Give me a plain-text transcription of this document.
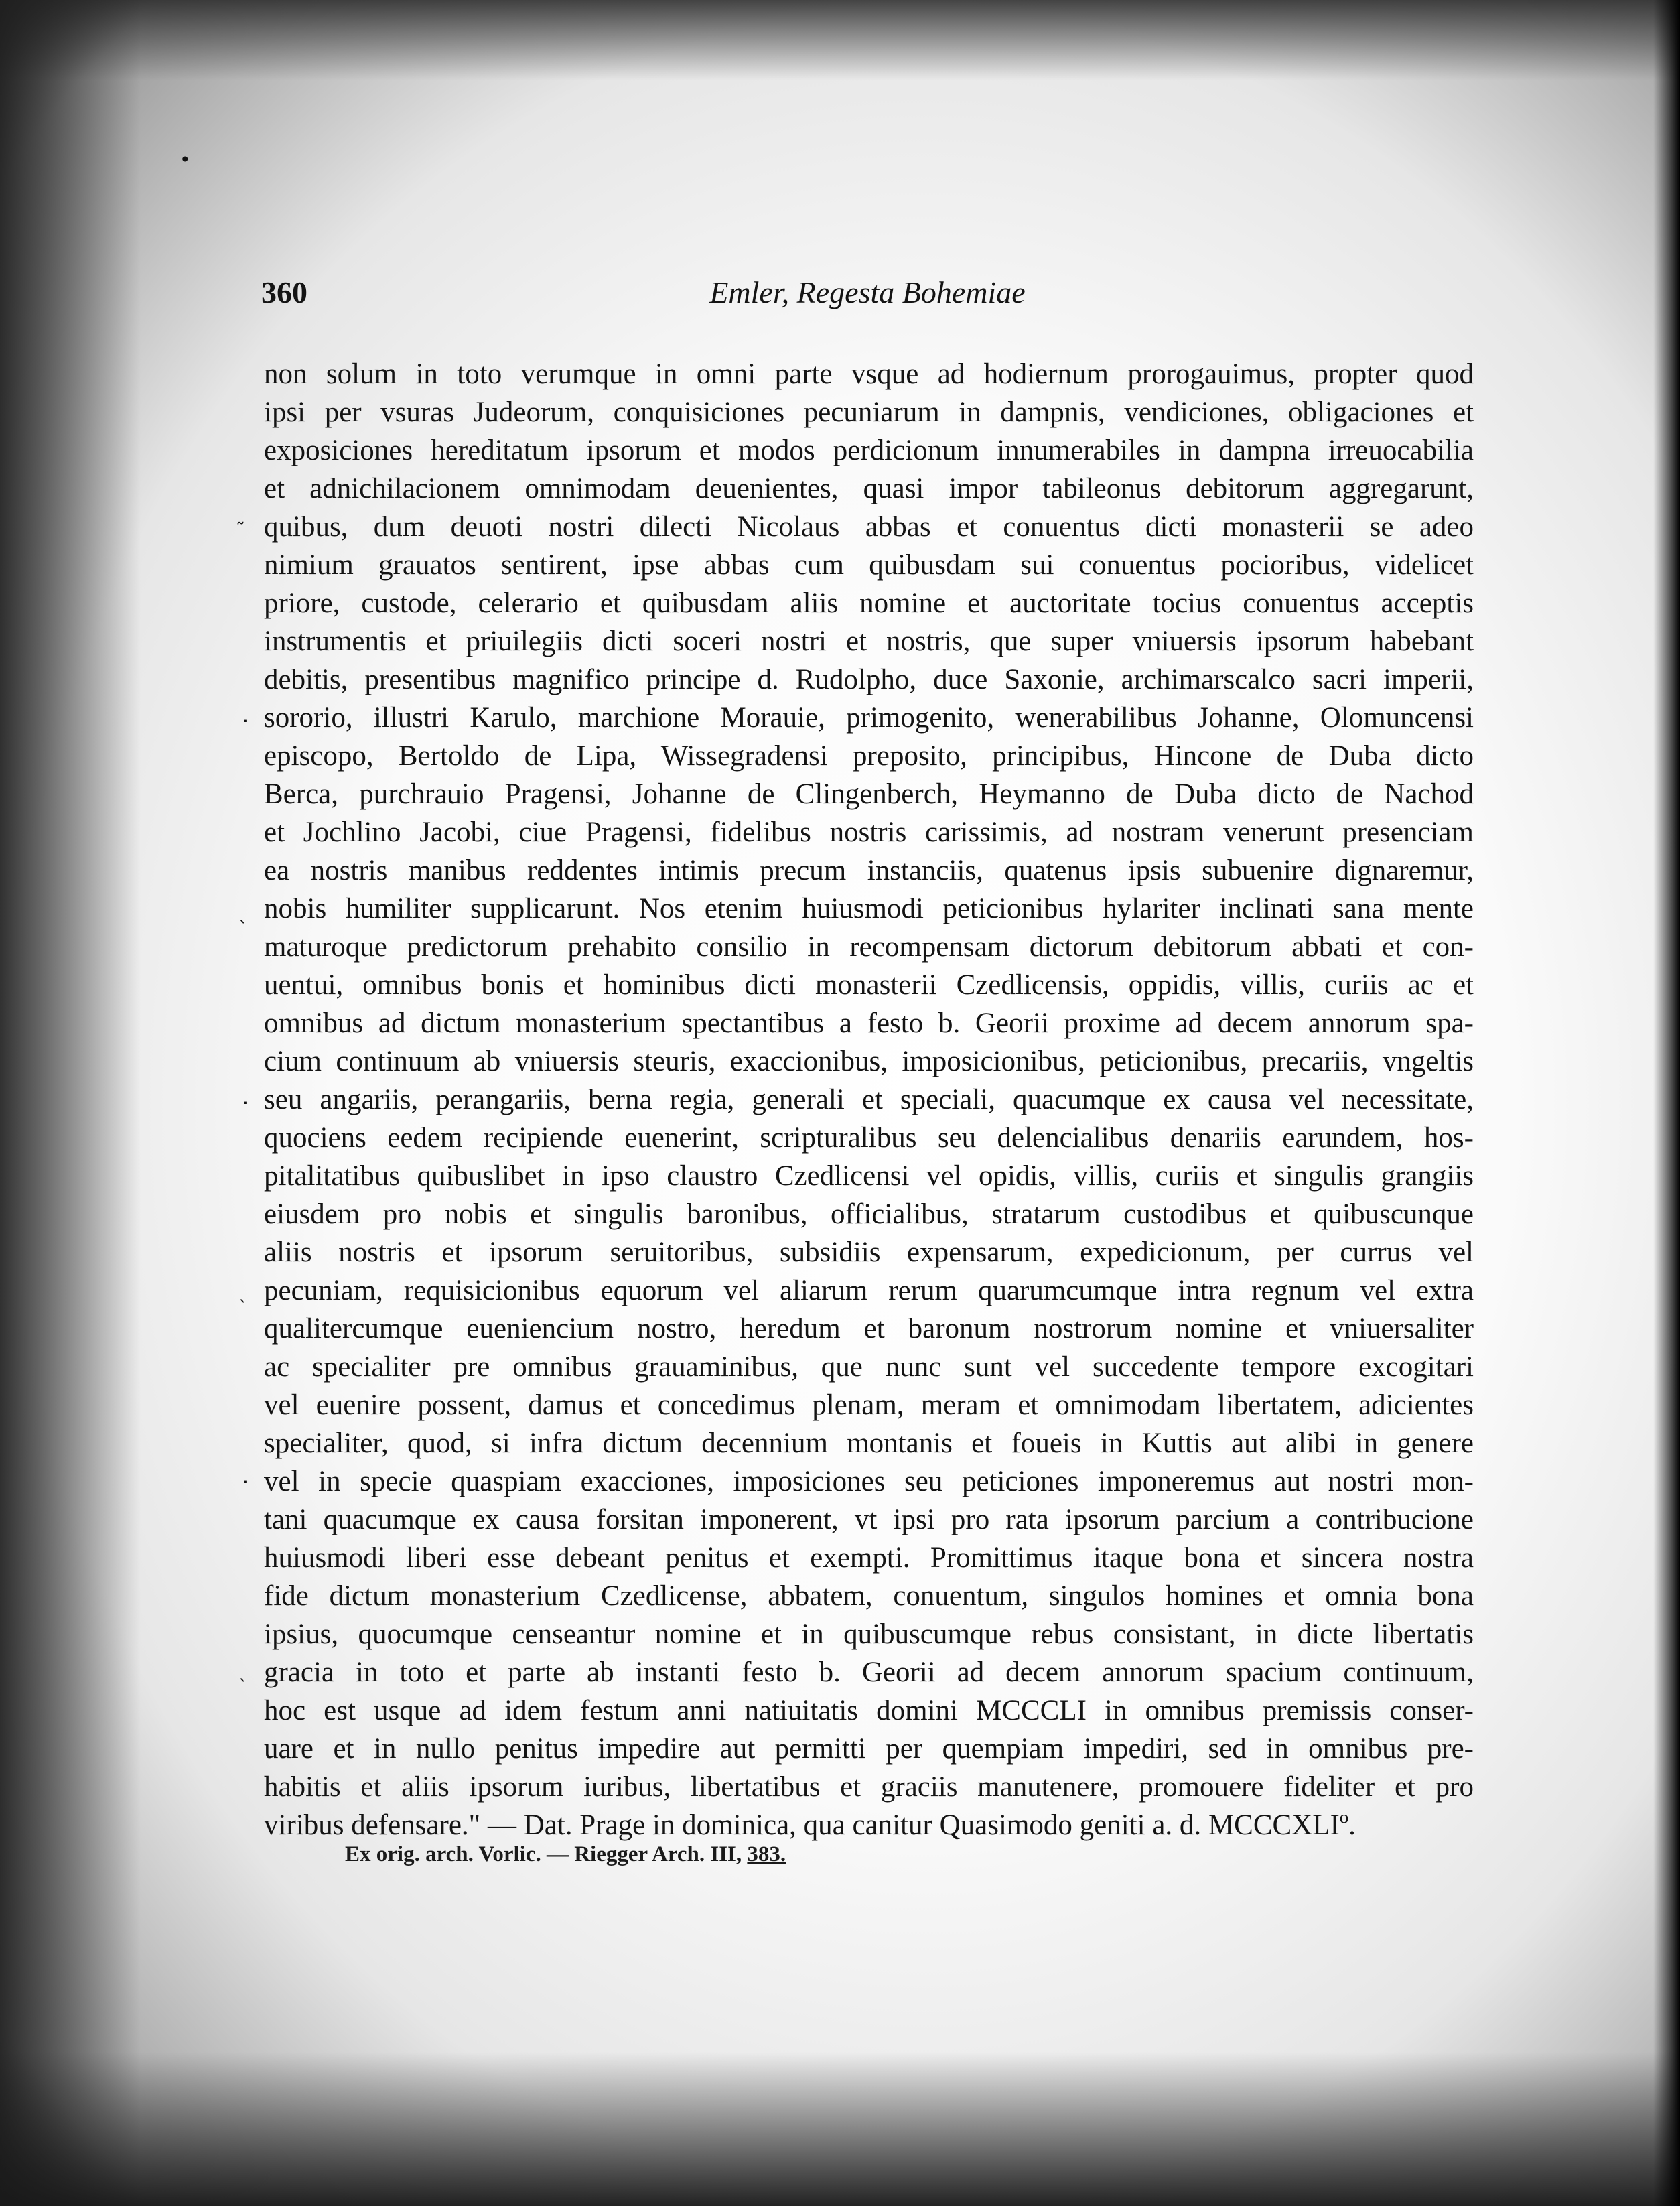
•
˜
·
ˎ
·
ˎ
·
ˎ
360	Emler, Regesta Bohemiae
non solum in toto verumque in omni parte vsque ad hodiernum prorogauimus, propter quod
ipsi per vsuras Judeorum, conquisiciones pecuniarum in dampnis, vendiciones, obligaciones et
exposiciones hereditatum ipsorum et modos perdicionum innumerabiles in dampna irreuocabilia
et adnichilacionem omnimodam deuenientes, quasi impor tabileonus debitorum aggregarunt,
quibus, dum deuoti nostri dilecti Nicolaus abbas et conuentus dicti monasterii se adeo
nimium grauatos sentirent, ipse abbas cum quibusdam sui conuentus pocioribus, videlicet
priore, custode, celerario et quibusdam aliis nomine et auctoritate tocius conuentus acceptis
instrumentis et priuilegiis dicti soceri nostri et nostris, que super vniuersis ipsorum habebant
debitis, presentibus magnifico principe d. Rudolpho, duce Saxonie, archimarscalco sacri imperii,
sororio, illustri Karulo, marchione Morauie, primogenito, wenerabilibus Johanne, Olomuncensi
episcopo, Bertoldo de Lipa, Wissegradensi preposito, principibus, Hincone de Duba dicto
Berca, purchrauio Pragensi, Johanne de Clingenberch, Heymanno de Duba dicto de Nachod
et Jochlino Jacobi, ciue Pragensi, fidelibus nostris carissimis, ad nostram venerunt presenciam
ea nostris manibus reddentes intimis precum instanciis, quatenus ipsis subuenire dignaremur,
nobis humiliter supplicarunt. Nos etenim huiusmodi peticionibus hylariter inclinati sana mente
maturoque predictorum prehabito consilio in recompensam dictorum debitorum abbati et con-
uentui, omnibus bonis et hominibus dicti monasterii Czedlicensis, oppidis, villis, curiis ac et
omnibus ad dictum monasterium spectantibus a festo b. Georii proxime ad decem annorum spa-
cium continuum ab vniuersis steuris, exaccionibus, imposicionibus, peticionibus, precariis, vngeltis
seu angariis, perangariis, berna regia, generali et speciali, quacumque ex causa vel necessitate,
quociens eedem recipiende euenerint, scripturalibus seu delencialibus denariis earundem, hos-
pitalitatibus quibuslibet in ipso claustro Czedlicensi vel opidis, villis, curiis et singulis grangiis
eiusdem pro nobis et singulis baronibus, officialibus, stratarum custodibus et quibuscunque
aliis nostris et ipsorum seruitoribus, subsidiis expensarum, expedicionum, per currus vel
pecuniam, requisicionibus equorum vel aliarum rerum quarumcumque intra regnum vel extra
qualitercumque eueniencium nostro, heredum et baronum nostrorum nomine et vniuersaliter
ac specialiter pre omnibus grauaminibus, que nunc sunt vel succedente tempore excogitari
vel euenire possent, damus et concedimus plenam, meram et omnimodam libertatem, adicientes
specialiter, quod, si infra dictum decennium montanis et foueis in Kuttis aut alibi in genere
vel in specie quaspiam exacciones, imposiciones seu peticiones imponeremus aut nostri mon-
tani quacumque ex causa forsitan imponerent, vt ipsi pro rata ipsorum parcium a contribucione
huiusmodi liberi esse debeant penitus et exempti. Promittimus itaque bona et sincera nostra
fide dictum monasterium Czedlicense, abbatem, conuentum, singulos homines et omnia bona
ipsius, quocumque censeantur nomine et in quibuscumque rebus consistant, in dicte libertatis
gracia in toto et parte ab instanti festo b. Georii ad decem annorum spacium continuum,
hoc est usque ad idem festum anni natiuitatis domini MCCCLI in omnibus premissis conser-
uare et in nullo penitus impedire aut permitti per quempiam impediri, sed in omnibus pre-
habitis et aliis ipsorum iuribus, libertatibus et graciis manutenere, promouere fideliter et pro
viribus defensare." — Dat. Prage in dominica, qua canitur Quasimodo geniti a. d. MCCCXLIº.
Ex orig. arch. Vorlic. — Riegger Arch. III, 383.
